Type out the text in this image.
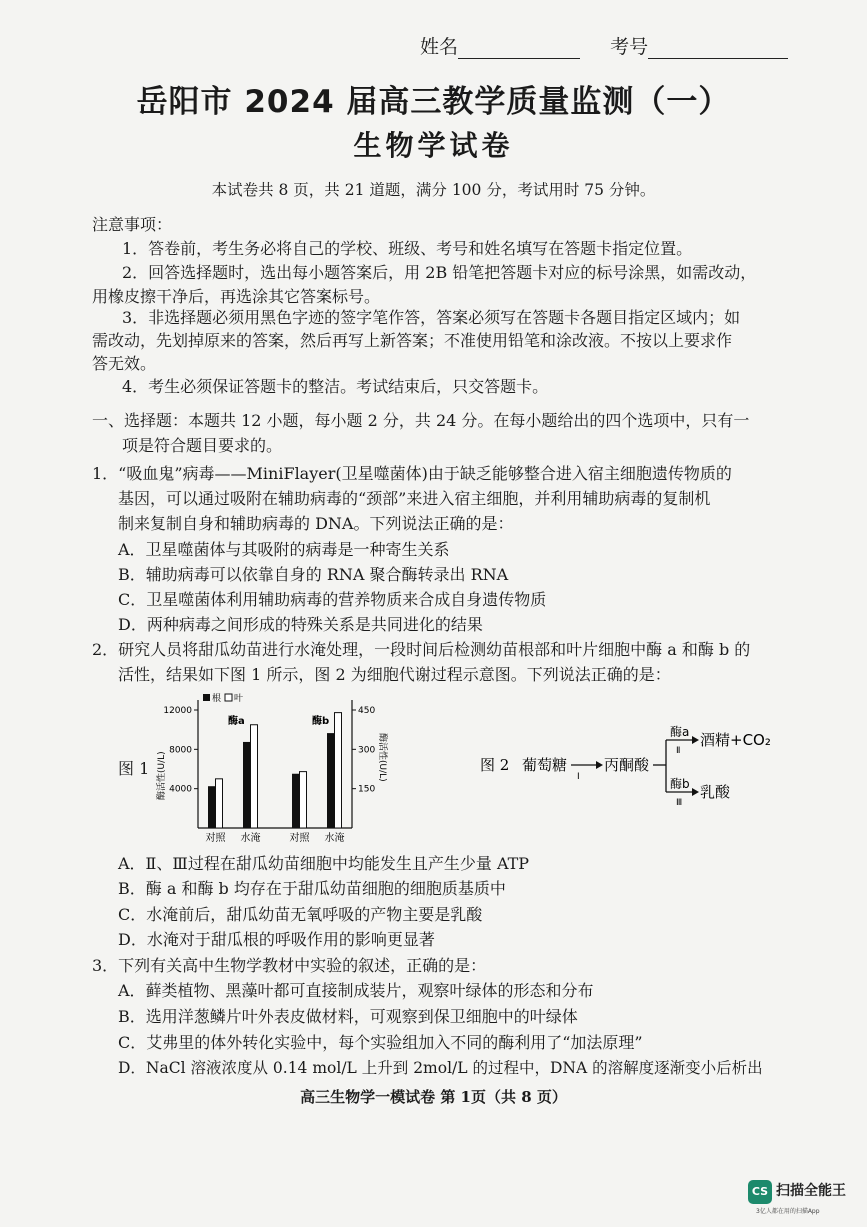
姓名	考号
岳阳市 2024 届高三教学质量监测（一）
生物学试卷
本试卷共 8 页，共 21 道题，满分 100 分，考试用时 75 分钟。
注意事项：
1．答卷前，考生务必将自己的学校、班级、考号和姓名填写在答题卡指定位置。
2．回答选择题时，选出每小题答案后，用 2B 铅笔把答题卡对应的标号涂黑，如需改动，
用橡皮擦干净后，再选涂其它答案标号。
3．非选择题必须用黑色字迹的签字笔作答，答案必须写在答题卡各题目指定区域内；如
需改动，先划掉原来的答案，然后再写上新答案；不准使用铅笔和涂改液。不按以上要求作
答无效。
4．考生必须保证答题卡的整洁。考试结束后，只交答题卡。
一、选择题：本题共 12 小题，每小题 2 分，共 24 分。在每小题给出的四个选项中，只有一
项是符合题目要求的。
1．“吸血鬼”病毒——MiniFlayer(卫星噬菌体)由于缺乏能够整合进入宿主细胞遗传物质的
基因，可以通过吸附在辅助病毒的“颈部”来进入宿主细胞，并利用辅助病毒的复制机
制来复制自身和辅助病毒的 DNA。下列说法正确的是：
A．卫星噬菌体与其吸附的病毒是一种寄生关系
B．辅助病毒可以依靠自身的 RNA 聚合酶转录出 RNA
C．卫星噬菌体利用辅助病毒的营养物质来合成自身遗传物质
D．两种病毒之间形成的特殊关系是共同进化的结果
2．研究人员将甜瓜幼苗进行水淹处理，一段时间后检测幼苗根部和叶片细胞中酶 a 和酶 b 的
活性，结果如下图 1 所示，图 2 为细胞代谢过程示意图。下列说法正确的是：
图 1
根 叶
酶a
4000
8000
12000
酶活性(U/L)
对照 水淹
酶b
150
300
450
酶活性(U/L)
对照 水淹
图 2 葡萄糖
Ⅰ
丙酮酸
酶a
Ⅱ
酒精+CO₂
酶b
Ⅲ
乳酸
A．Ⅱ、Ⅲ过程在甜瓜幼苗细胞中均能发生且产生少量 ATP
B．酶 a 和酶 b 均存在于甜瓜幼苗细胞的细胞质基质中
C．水淹前后，甜瓜幼苗无氧呼吸的产物主要是乳酸
D．水淹对于甜瓜根的呼吸作用的影响更显著
3．下列有关高中生物学教材中实验的叙述，正确的是：
A．藓类植物、黑藻叶都可直接制成装片，观察叶绿体的形态和分布
B．选用洋葱鳞片叶外表皮做材料，可观察到保卫细胞中的叶绿体
C．艾弗里的体外转化实验中，每个实验组加入不同的酶利用了“加法原理”
D．NaCl 溶液浓度从 0.14 mol/L 上升到 2mol/L 的过程中，DNA 的溶解度逐渐变小后析出
高三生物学一模试卷 第 1页（共 8 页）
CS 扫描全能王
3亿人都在用的扫描App
